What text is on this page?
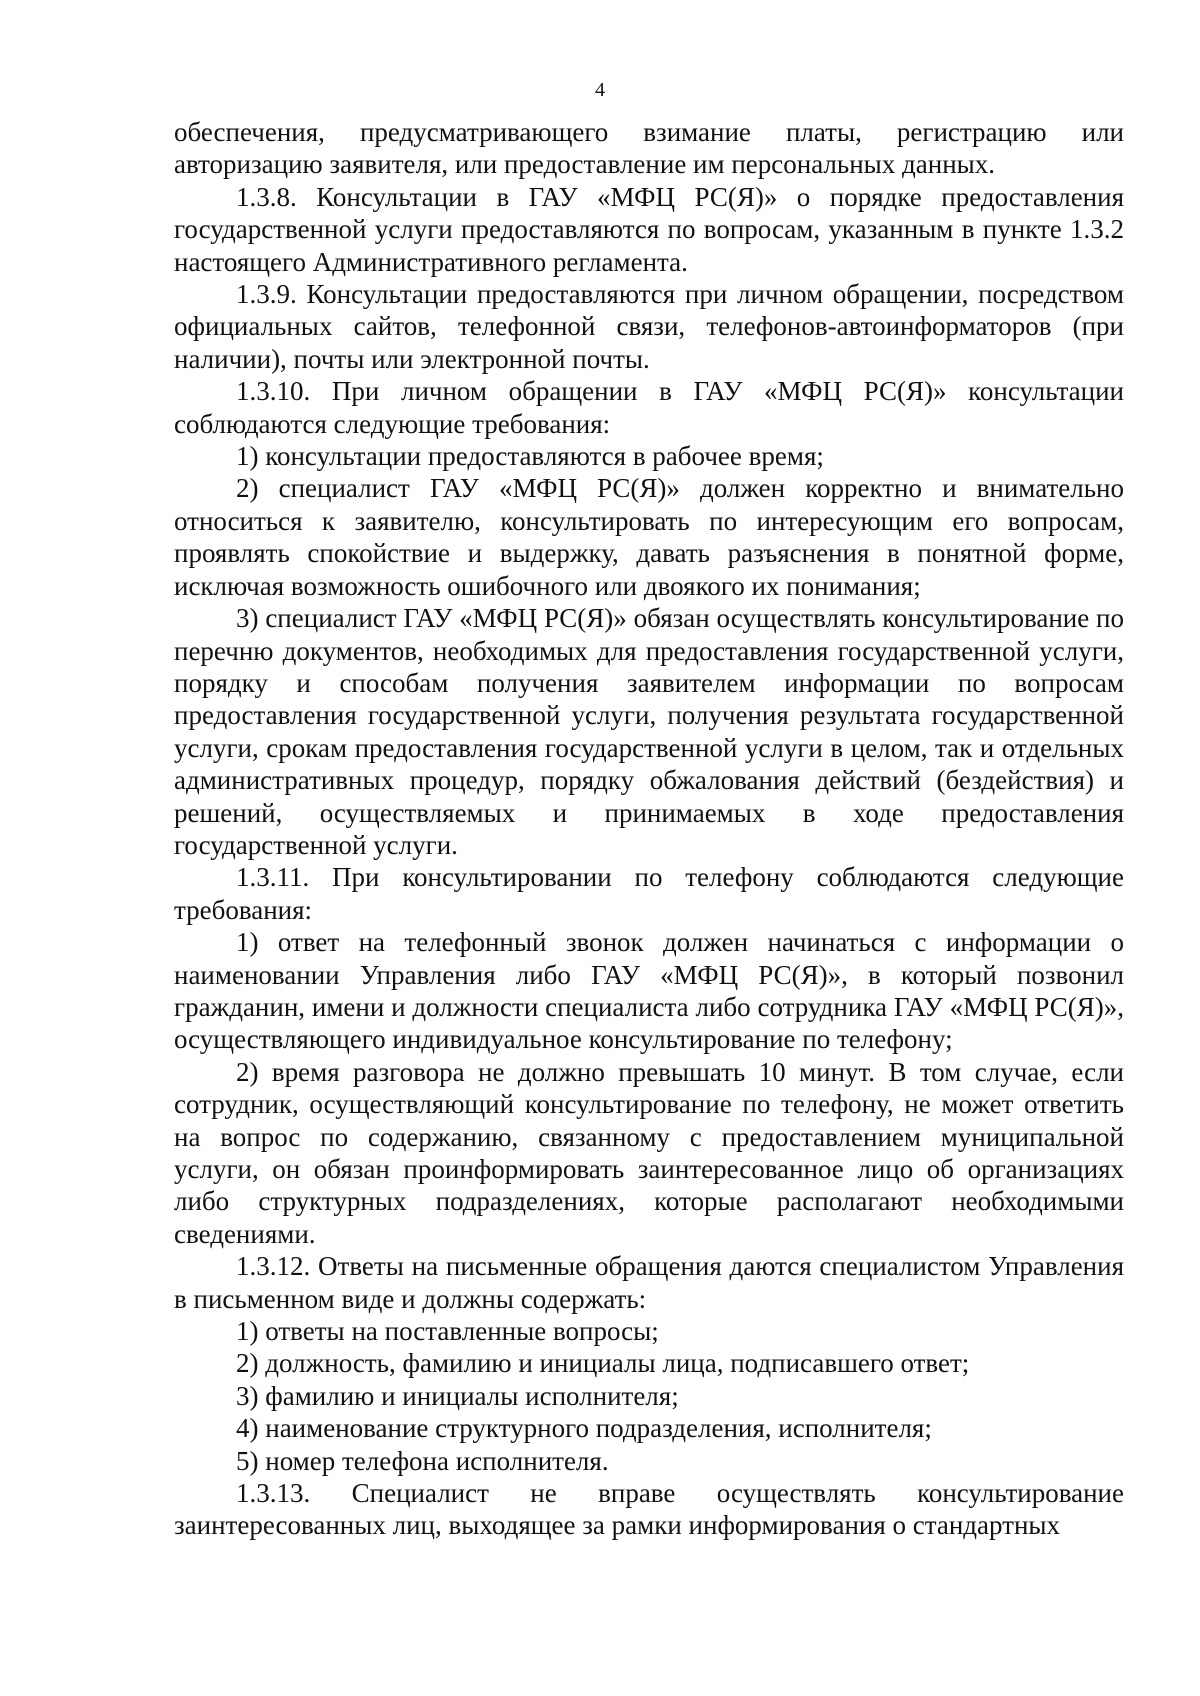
4

обеспечения, предусматривающего взимание платы, регистрацию или авторизацию заявителя, или предоставление им персональных данных.

1.3.8. Консультации в ГАУ «МФЦ РС(Я)» о порядке предоставления государственной услуги предоставляются по вопросам, указанным в пункте 1.3.2 настоящего Административного регламента.

1.3.9. Консультации предоставляются при личном обращении, посредством официальных сайтов, телефонной связи, телефонов-автоинформаторов (при наличии), почты или электронной почты.

1.3.10. При личном обращении в ГАУ «МФЦ РС(Я)» консультации соблюдаются следующие требования:

1) консультации предоставляются в рабочее время;

2) специалист ГАУ «МФЦ РС(Я)» должен корректно и внимательно относиться к заявителю, консультировать по интересующим его вопросам, проявлять спокойствие и выдержку, давать разъяснения в понятной форме, исключая возможность ошибочного или двоякого их понимания;

3) специалист ГАУ «МФЦ РС(Я)» обязан осуществлять консультирование по перечню документов, необходимых для предоставления государственной услуги, порядку и способам получения заявителем информации по вопросам предоставления государственной услуги, получения результата государственной услуги, срокам предоставления государственной услуги в целом, так и отдельных административных процедур, порядку обжалования действий (бездействия) и решений, осуществляемых и принимаемых в ходе предоставления государственной услуги.

1.3.11. При консультировании по телефону соблюдаются следующие требования:

1) ответ на телефонный звонок должен начинаться с информации о наименовании Управления либо ГАУ «МФЦ РС(Я)», в который позвонил гражданин, имени и должности специалиста либо сотрудника ГАУ «МФЦ РС(Я)», осуществляющего индивидуальное консультирование по телефону;

2) время разговора не должно превышать 10 минут. В том случае, если сотрудник, осуществляющий консультирование по телефону, не может ответить на вопрос по содержанию, связанному с предоставлением муниципальной услуги, он обязан проинформировать заинтересованное лицо об организациях либо структурных подразделениях, которые располагают необходимыми сведениями.

1.3.12. Ответы на письменные обращения даются специалистом Управления в письменном виде и должны содержать:

1) ответы на поставленные вопросы;

2) должность, фамилию и инициалы лица, подписавшего ответ;

3) фамилию и инициалы исполнителя;

4) наименование структурного подразделения, исполнителя;

5) номер телефона исполнителя.

1.3.13. Специалист не вправе осуществлять консультирование заинтересованных лиц, выходящее за рамки информирования о стандартных
